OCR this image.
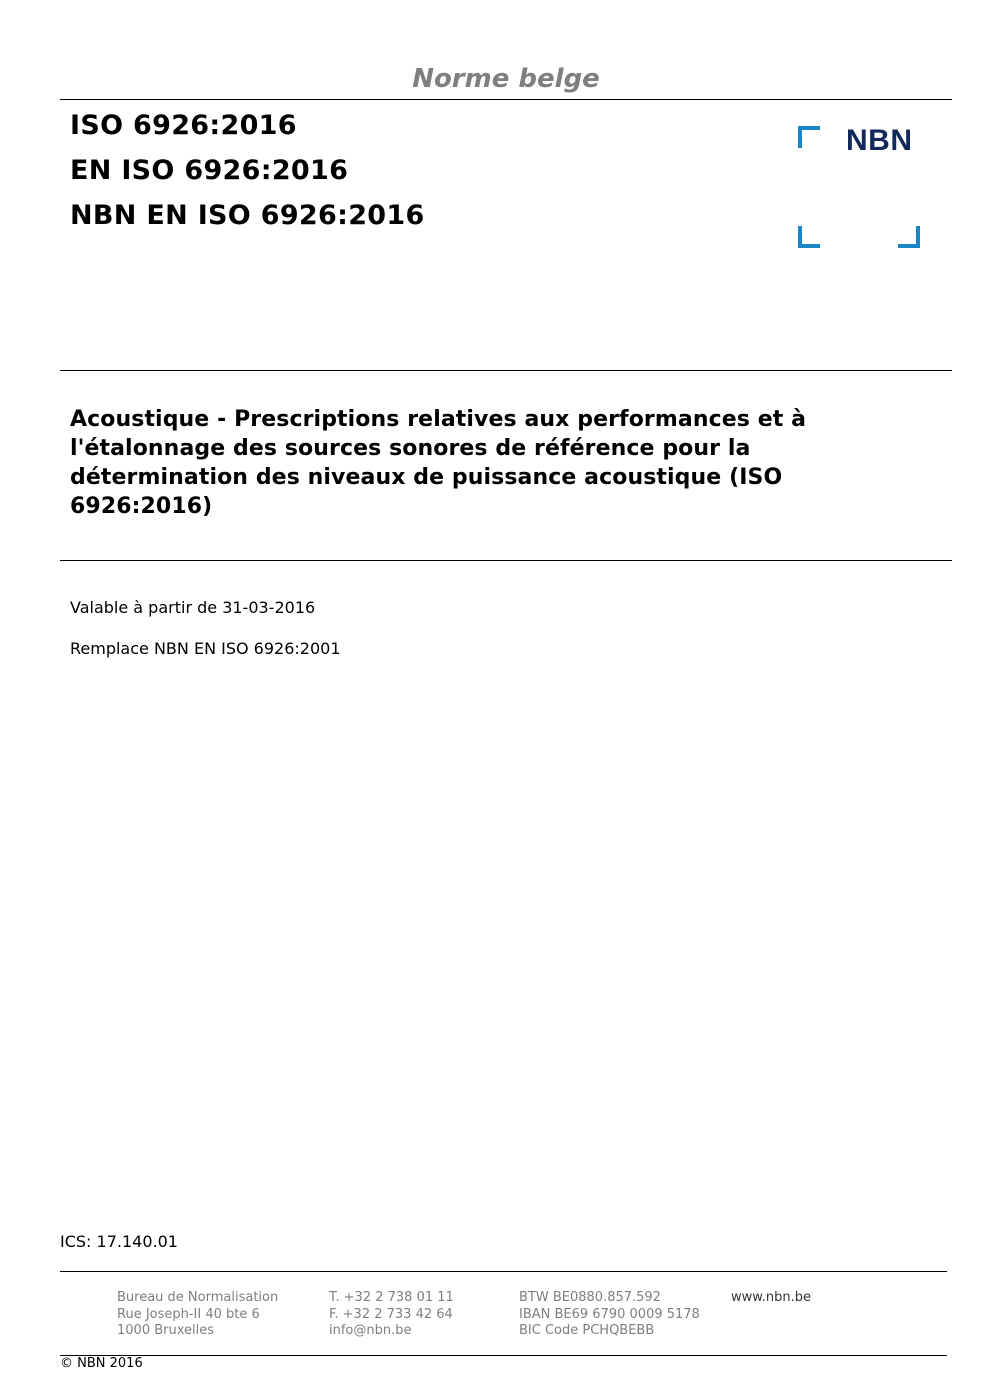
Norme belge
ISO 6926:2016
EN ISO 6926:2016
NBN EN ISO 6926:2016
NBN
Acoustique - Prescriptions relatives aux performances et à l'étalonnage des sources sonores de référence pour la détermination des niveaux de puissance acoustique (ISO 6926:2016)
Valable à partir de 31-03-2016
Remplace NBN EN ISO 6926:2001
ICS: 17.140.01
Bureau de Normalisation
Rue Joseph-II 40 bte 6
1000 Bruxelles
T. +32 2 738 01 11
F. +32 2 733 42 64
info@nbn.be
BTW BE0880.857.592
IBAN BE69 6790 0009 5178
BIC Code PCHQBEBB
www.nbn.be
© NBN 2016
